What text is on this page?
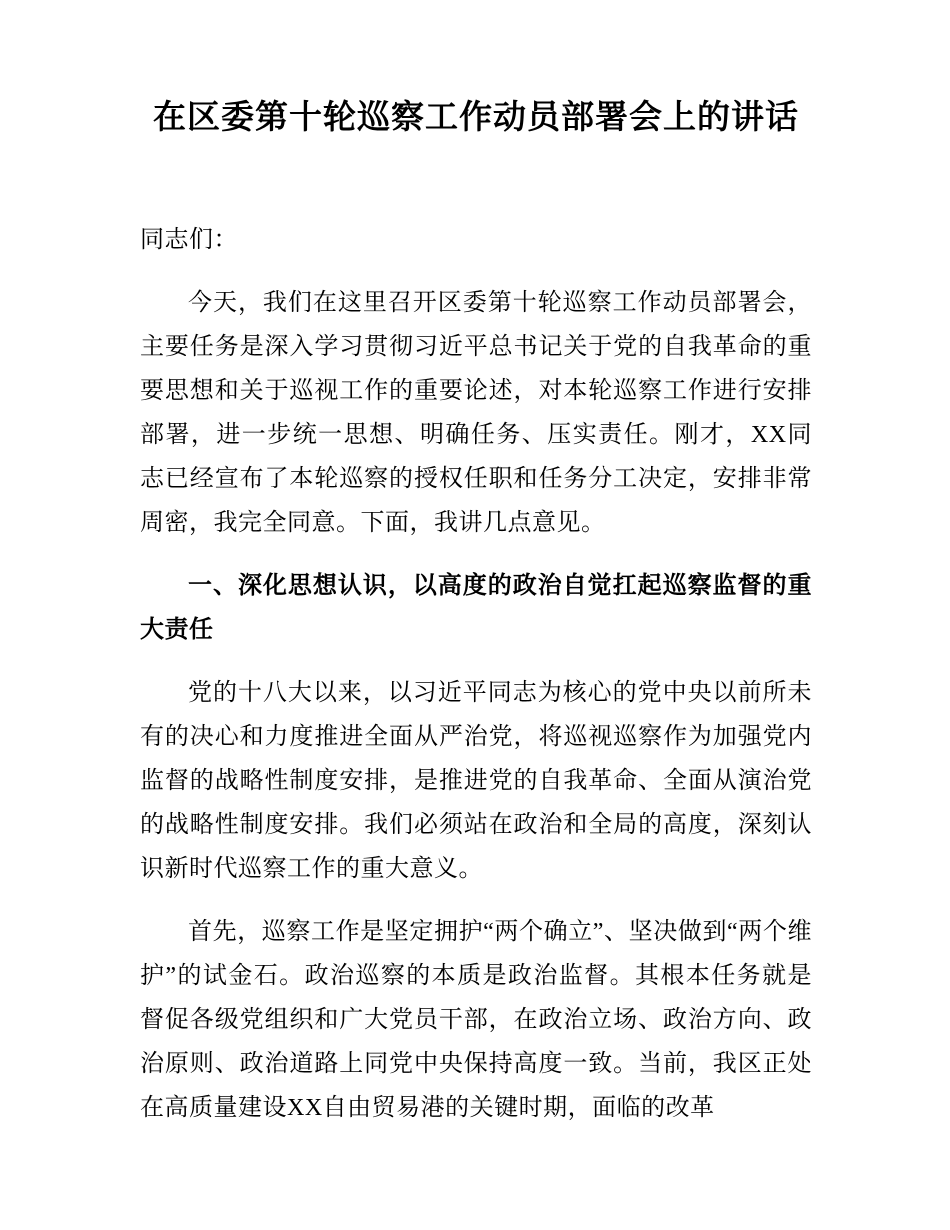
在区委第十轮巡察工作动员部署会上的讲话

同志们：

今天，我们在这里召开区委第十轮巡察工作动员部署会，主要任务是深入学习贯彻习近平总书记关于党的自我革命的重要思想和关于巡视工作的重要论述，对本轮巡察工作进行安排部署，进一步统一思想、明确任务、压实责任。刚才，XX同志已经宣布了本轮巡察的授权任职和任务分工决定，安排非常周密，我完全同意。下面，我讲几点意见。

一、深化思想认识，以高度的政治自觉扛起巡察监督的重大责任

党的十八大以来，以习近平同志为核心的党中央以前所未有的决心和力度推进全面从严治党，将巡视巡察作为加强党内监督的战略性制度安排，是推进党的自我革命、全面从演治党的战略性制度安排。我们必须站在政治和全局的高度，深刻认识新时代巡察工作的重大意义。

首先，巡察工作是坚定拥护“两个确立”、坚决做到“两个维护”的试金石。政治巡察的本质是政治监督。其根本任务就是督促各级党组织和广大党员干部，在政治立场、政治方向、政治原则、政治道路上同党中央保持高度一致。当前，我区正处在高质量建设XX自由贸易港的关键时期，面临的改革
